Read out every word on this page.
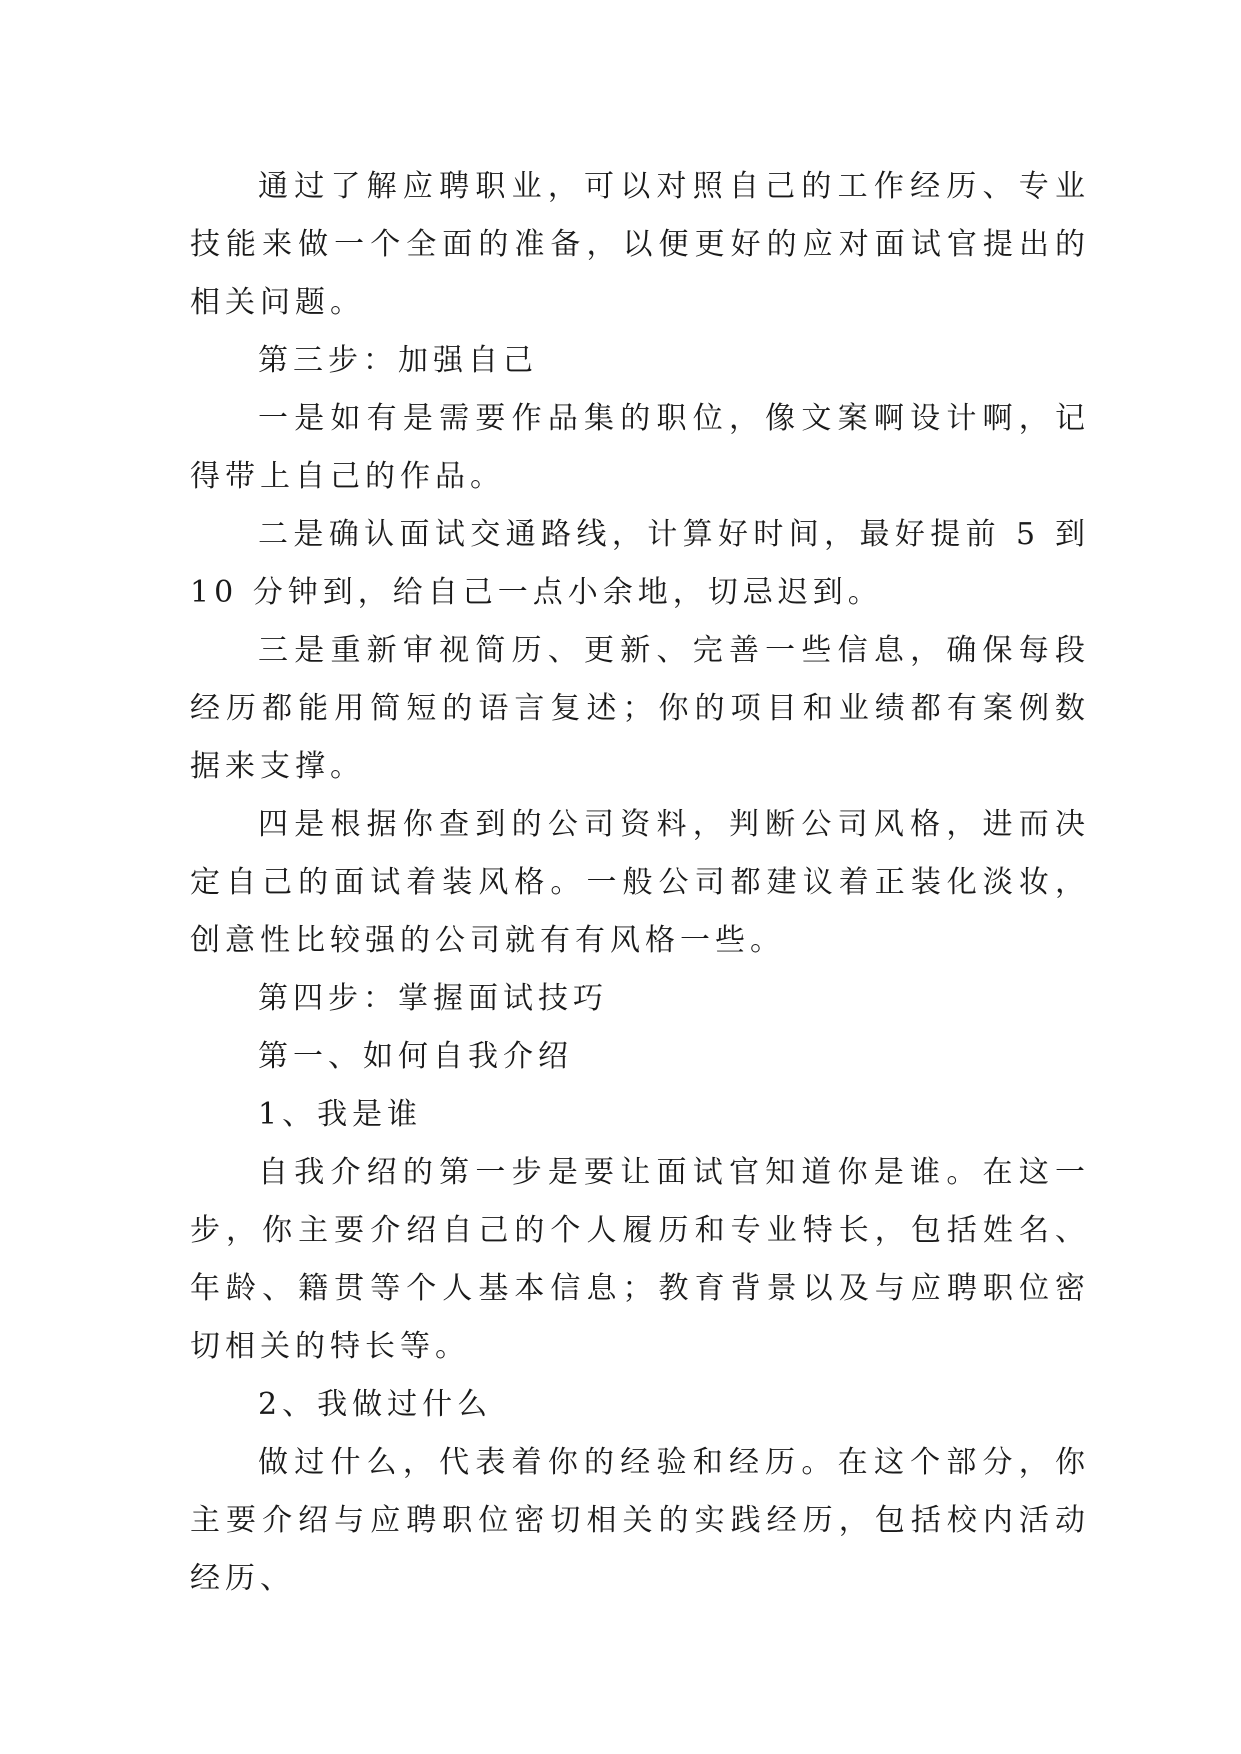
通过了解应聘职业，可以对照自己的工作经历、专业技能来做一个全面的准备，以便更好的应对面试官提出的相关问题。

第三步：加强自己

一是如有是需要作品集的职位，像文案啊设计啊，记得带上自己的作品。

二是确认面试交通路线，计算好时间，最好提前 5 到 10 分钟到，给自己一点小余地，切忌迟到。

三是重新审视简历、更新、完善一些信息，确保每段经历都能用简短的语言复述；你的项目和业绩都有案例数据来支撑。

四是根据你查到的公司资料，判断公司风格，进而决定自己的面试着装风格。一般公司都建议着正装化淡妆，创意性比较强的公司就有有风格一些。

第四步：掌握面试技巧

第一、如何自我介绍

1、我是谁

自我介绍的第一步是要让面试官知道你是谁。在这一步，你主要介绍自己的个人履历和专业特长，包括姓名、年龄、籍贯等个人基本信息；教育背景以及与应聘职位密切相关的特长等。

2、我做过什么

做过什么，代表着你的经验和经历。在这个部分，你主要介绍与应聘职位密切相关的实践经历，包括校内活动经历、
